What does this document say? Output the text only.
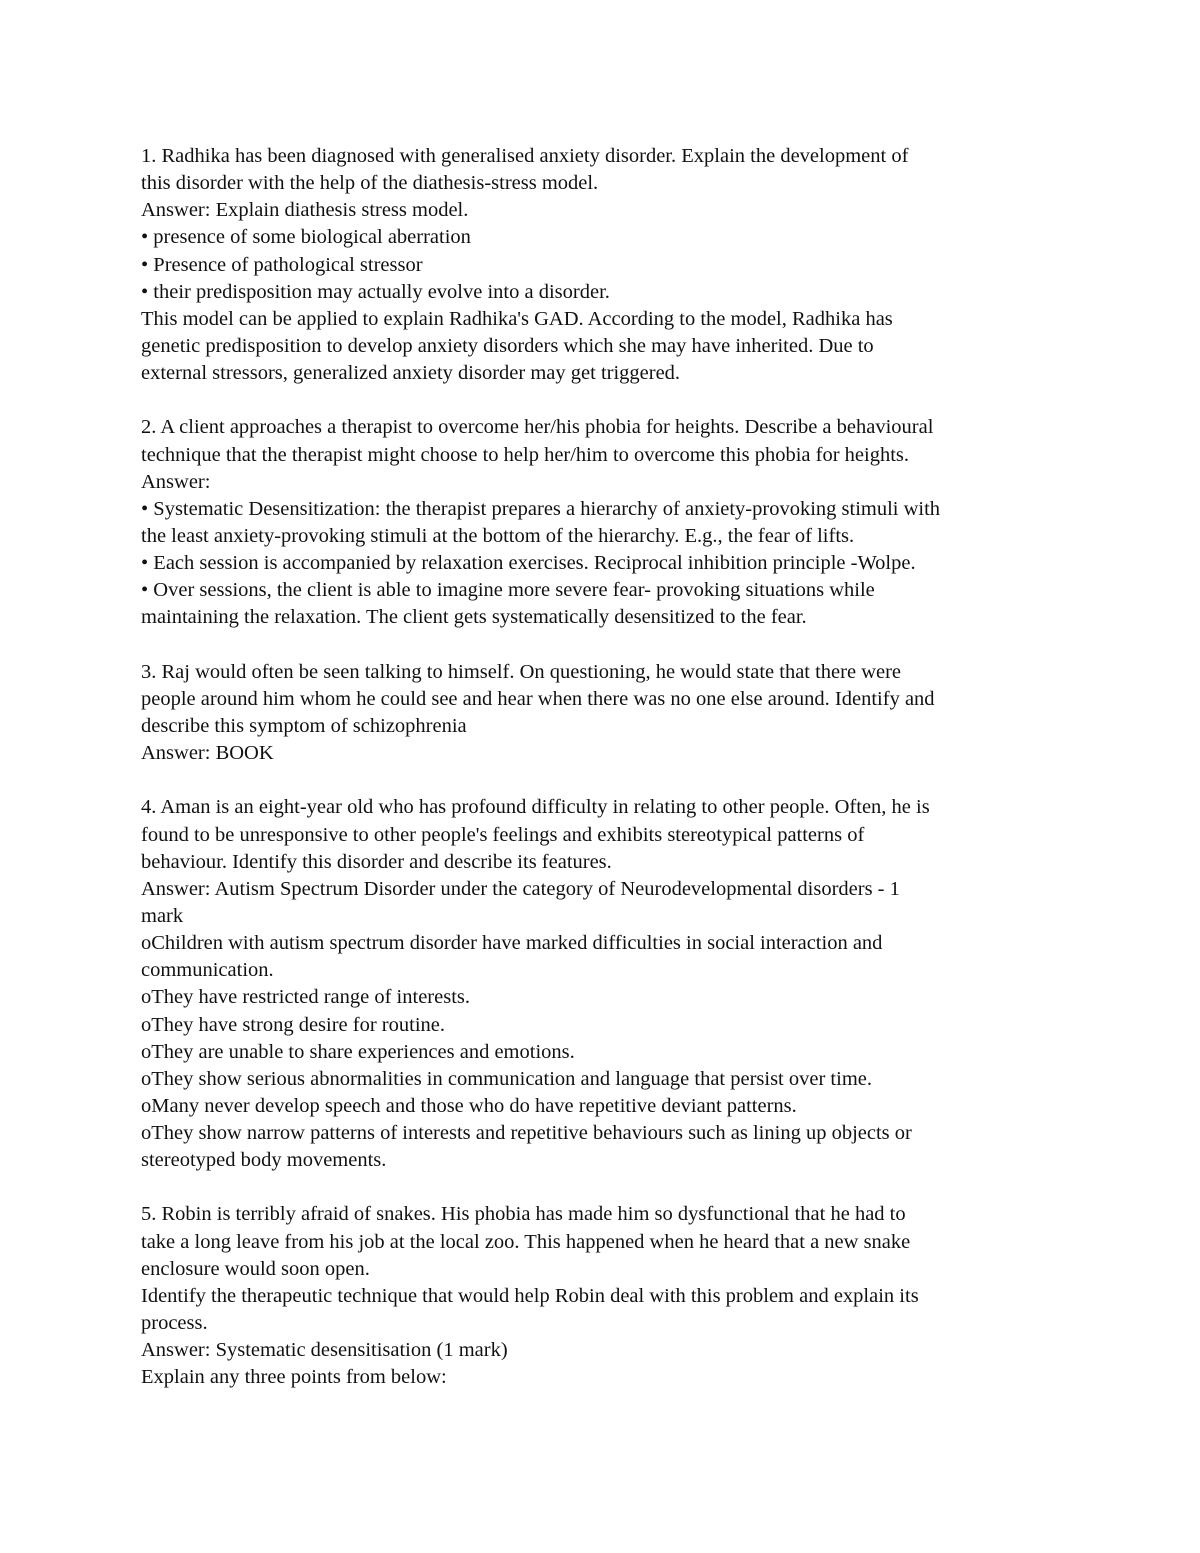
1. Radhika has been diagnosed with generalised anxiety disorder. Explain the development of
this disorder with the help of the diathesis-stress model.
Answer: Explain diathesis stress model.
• presence of some biological aberration
• Presence of pathological stressor
• their predisposition may actually evolve into a disorder.
This model can be applied to explain Radhika's GAD. According to the model, Radhika has
genetic predisposition to develop anxiety disorders which she may have inherited. Due to
external stressors, generalized anxiety disorder may get triggered.
2. A client approaches a therapist to overcome her/his phobia for heights. Describe a behavioural
technique that the therapist might choose to help her/him to overcome this phobia for heights.
Answer:
• Systematic Desensitization: the therapist prepares a hierarchy of anxiety-provoking stimuli with
the least anxiety-provoking stimuli at the bottom of the hierarchy. E.g., the fear of lifts.
• Each session is accompanied by relaxation exercises. Reciprocal inhibition principle -Wolpe.
• Over sessions, the client is able to imagine more severe fear- provoking situations while
maintaining the relaxation. The client gets systematically desensitized to the fear.
3. Raj would often be seen talking to himself. On questioning, he would state that there were
people around him whom he could see and hear when there was no one else around. Identify and
describe this symptom of schizophrenia
Answer: BOOK
4. Aman is an eight-year old who has profound difficulty in relating to other people. Often, he is
found to be unresponsive to other people's feelings and exhibits stereotypical patterns of
behaviour. Identify this disorder and describe its features.
Answer: Autism Spectrum Disorder under the category of Neurodevelopmental disorders - 1
mark
oChildren with autism spectrum disorder have marked difficulties in social interaction and
communication.
oThey have restricted range of interests.
oThey have strong desire for routine.
oThey are unable to share experiences and emotions.
oThey show serious abnormalities in communication and language that persist over time.
oMany never develop speech and those who do have repetitive deviant patterns.
oThey show narrow patterns of interests and repetitive behaviours such as lining up objects or
stereotyped body movements.
5. Robin is terribly afraid of snakes. His phobia has made him so dysfunctional that he had to
take a long leave from his job at the local zoo. This happened when he heard that a new snake
enclosure would soon open.
Identify the therapeutic technique that would help Robin deal with this problem and explain its
process.
Answer: Systematic desensitisation (1 mark)
Explain any three points from below:
